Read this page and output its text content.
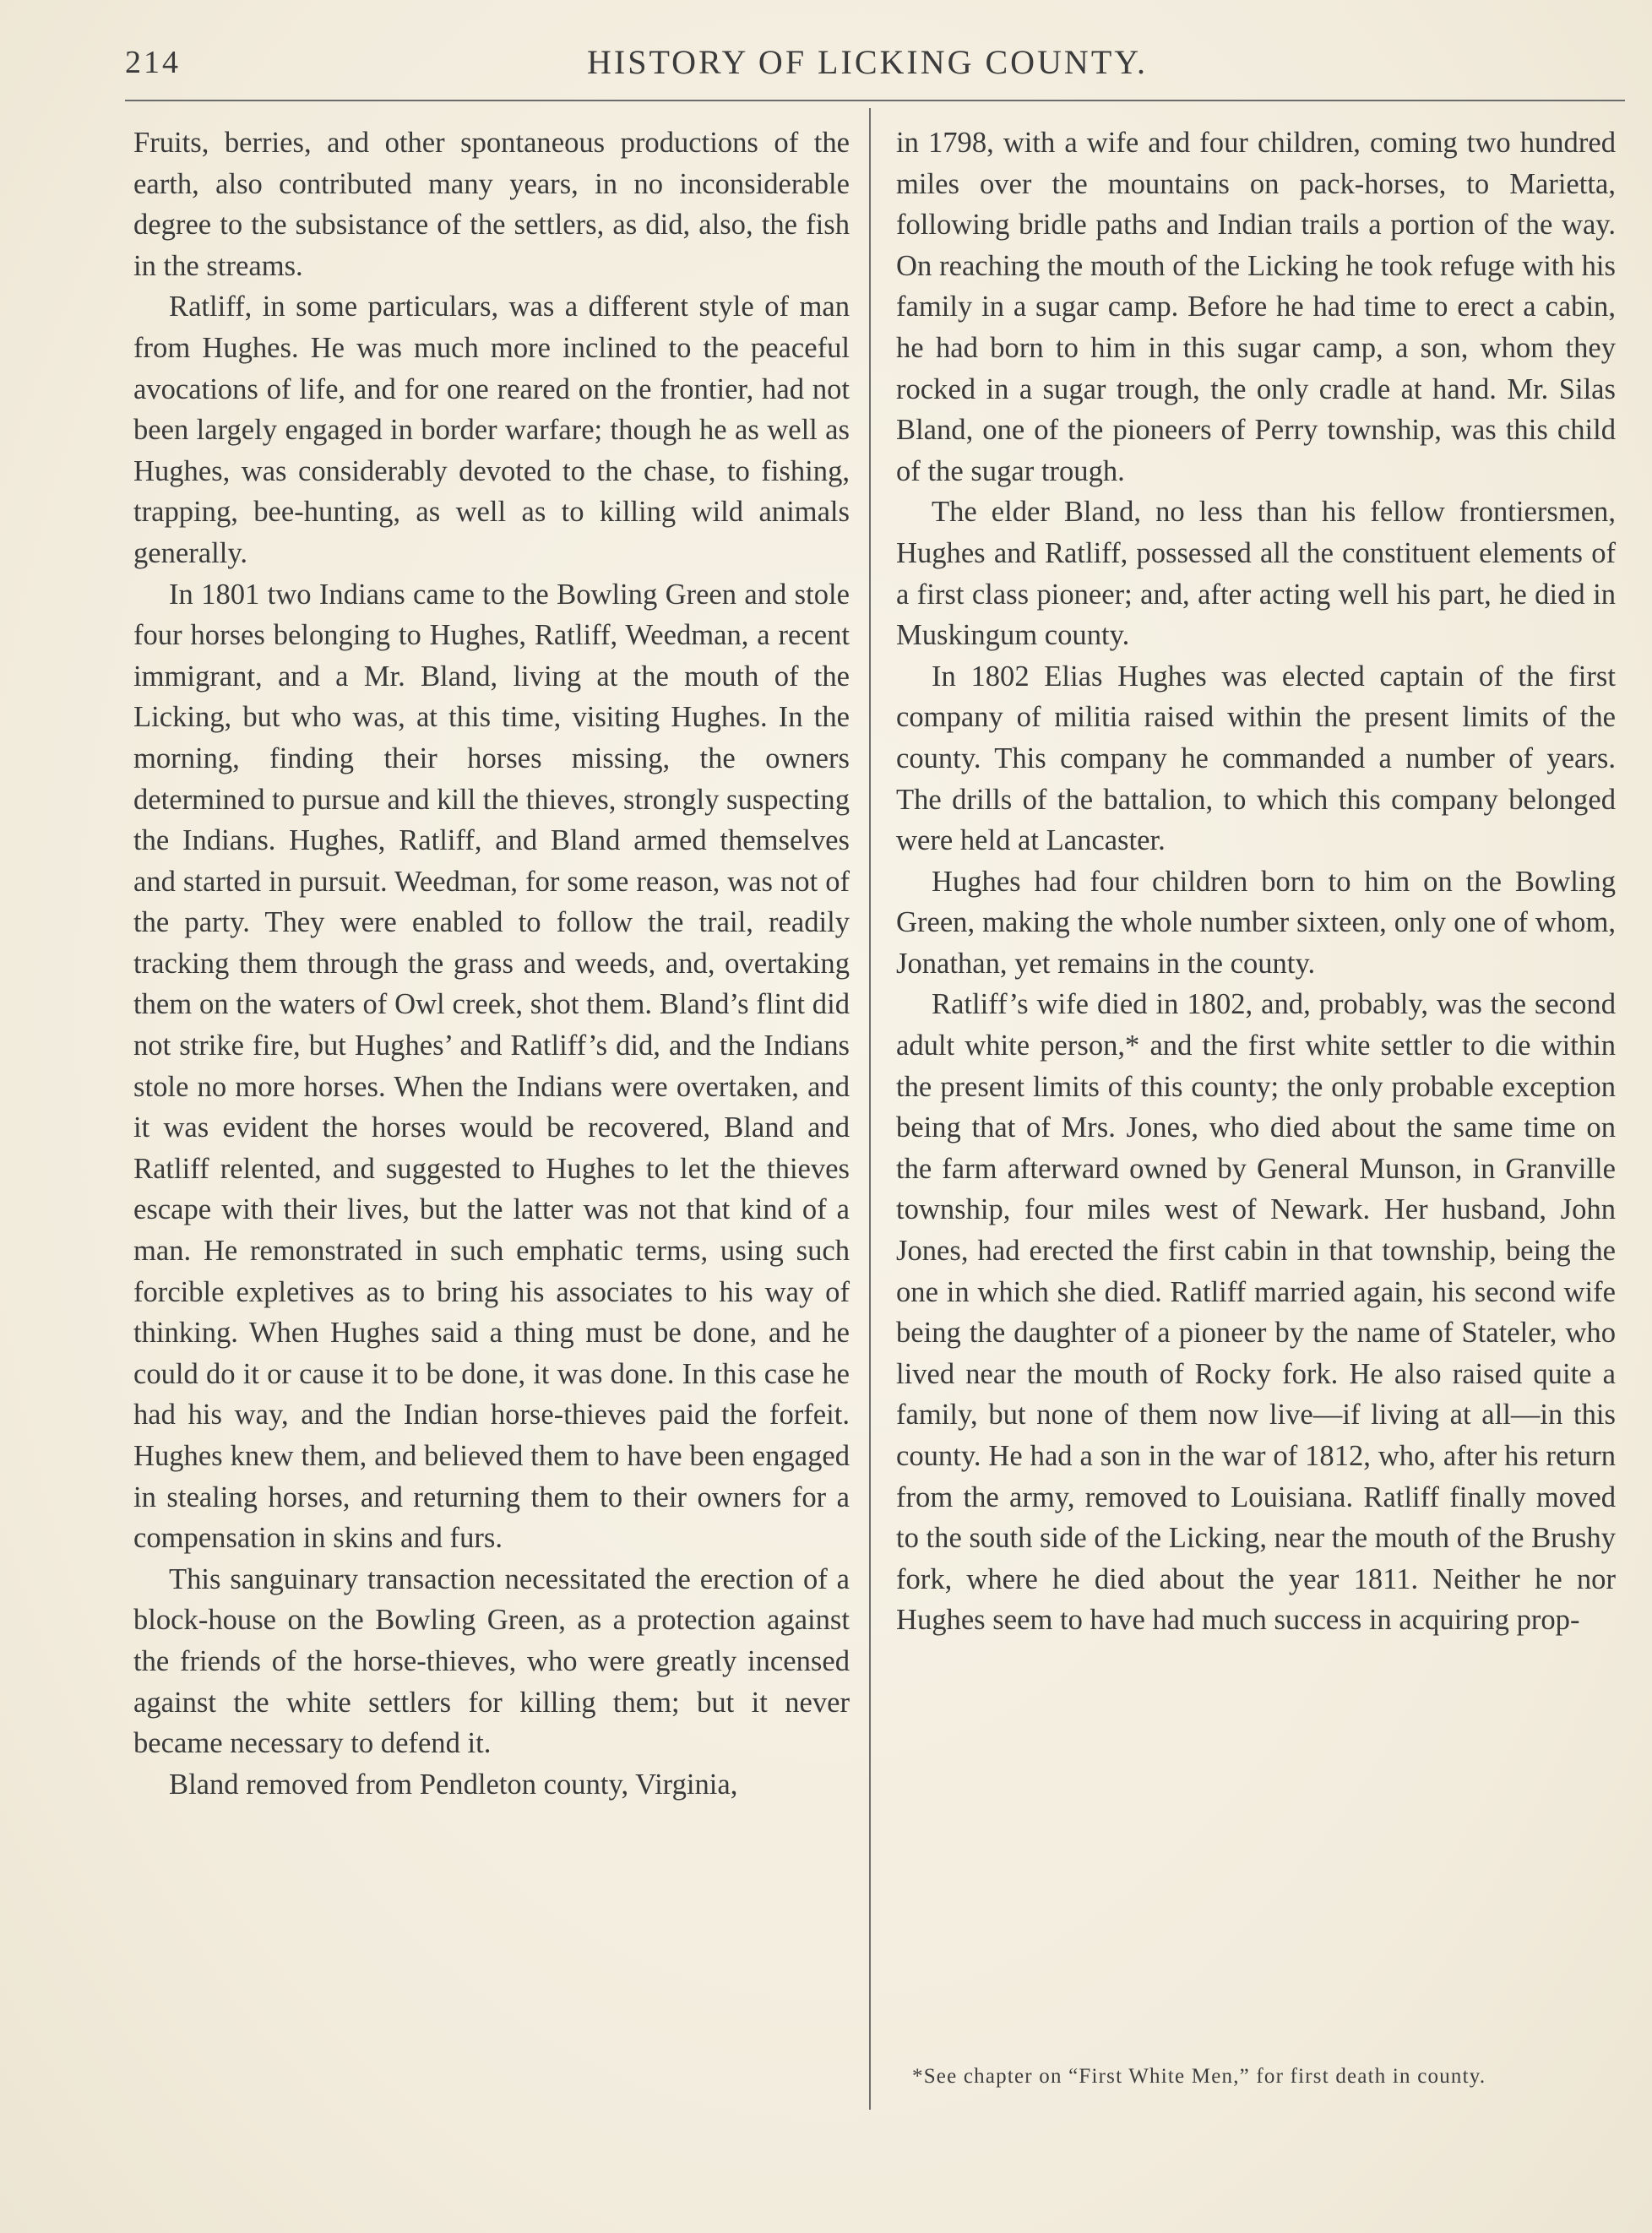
214	HISTORY OF LICKING COUNTY.

Fruits, berries, and other spontaneous productions of the earth, also contributed many years, in no inconsiderable degree to the subsistance of the settlers, as did, also, the fish in the streams.

Ratliff, in some particulars, was a different style of man from Hughes. He was much more inclined to the peaceful avocations of life, and for one reared on the frontier, had not been largely engaged in border warfare; though he as well as Hughes, was considerably devoted to the chase, to fishing, trapping, bee-hunting, as well as to killing wild animals generally.

In 1801 two Indians came to the Bowling Green and stole four horses belonging to Hughes, Ratliff, Weedman, a recent immigrant, and a Mr. Bland, living at the mouth of the Licking, but who was, at this time, visiting Hughes. In the morning, finding their horses missing, the owners determined to pursue and kill the thieves, strongly suspecting the Indians. Hughes, Ratliff, and Bland armed themselves and started in pursuit. Weedman, for some reason, was not of the party. They were enabled to follow the trail, readily tracking them through the grass and weeds, and, overtaking them on the waters of Owl creek, shot them. Bland’s flint did not strike fire, but Hughes’ and Ratliff’s did, and the Indians stole no more horses. When the Indians were overtaken, and it was evident the horses would be recovered, Bland and Ratliff relented, and suggested to Hughes to let the thieves escape with their lives, but the latter was not that kind of a man. He remonstrated in such emphatic terms, using such forcible expletives as to bring his associates to his way of thinking. When Hughes said a thing must be done, and he could do it or cause it to be done, it was done. In this case he had his way, and the Indian horse-thieves paid the forfeit. Hughes knew them, and believed them to have been engaged in stealing horses, and returning them to their owners for a compensation in skins and furs.

This sanguinary transaction necessitated the erection of a block-house on the Bowling Green, as a protection against the friends of the horse-thieves, who were greatly incensed against the white settlers for killing them; but it never became necessary to defend it.

Bland removed from Pendleton county, Virginia,

in 1798, with a wife and four children, coming two hundred miles over the mountains on pack-horses, to Marietta, following bridle paths and Indian trails a portion of the way. On reaching the mouth of the Licking he took refuge with his family in a sugar camp. Before he had time to erect a cabin, he had born to him in this sugar camp, a son, whom they rocked in a sugar trough, the only cradle at hand. Mr. Silas Bland, one of the pioneers of Perry township, was this child of the sugar trough.

The elder Bland, no less than his fellow frontiersmen, Hughes and Ratliff, possessed all the constituent elements of a first class pioneer; and, after acting well his part, he died in Muskingum county.

In 1802 Elias Hughes was elected captain of the first company of militia raised within the present limits of the county. This company he commanded a number of years. The drills of the battalion, to which this company belonged were held at Lancaster.

Hughes had four children born to him on the Bowling Green, making the whole number sixteen, only one of whom, Jonathan, yet remains in the county.

Ratliff’s wife died in 1802, and, probably, was the second adult white person,* and the first white settler to die within the present limits of this county; the only probable exception being that of Mrs. Jones, who died about the same time on the farm afterward owned by General Munson, in Granville township, four miles west of Newark. Her husband, John Jones, had erected the first cabin in that township, being the one in which she died. Ratliff married again, his second wife being the daughter of a pioneer by the name of Stateler, who lived near the mouth of Rocky fork. He also raised quite a family, but none of them now live—if living at all—in this county. He had a son in the war of 1812, who, after his return from the army, removed to Louisiana. Ratliff finally moved to the south side of the Licking, near the mouth of the Brushy fork, where he died about the year 1811. Neither he nor Hughes seem to have had much success in acquiring prop-

*See chapter on “First White Men,” for first death in county.
